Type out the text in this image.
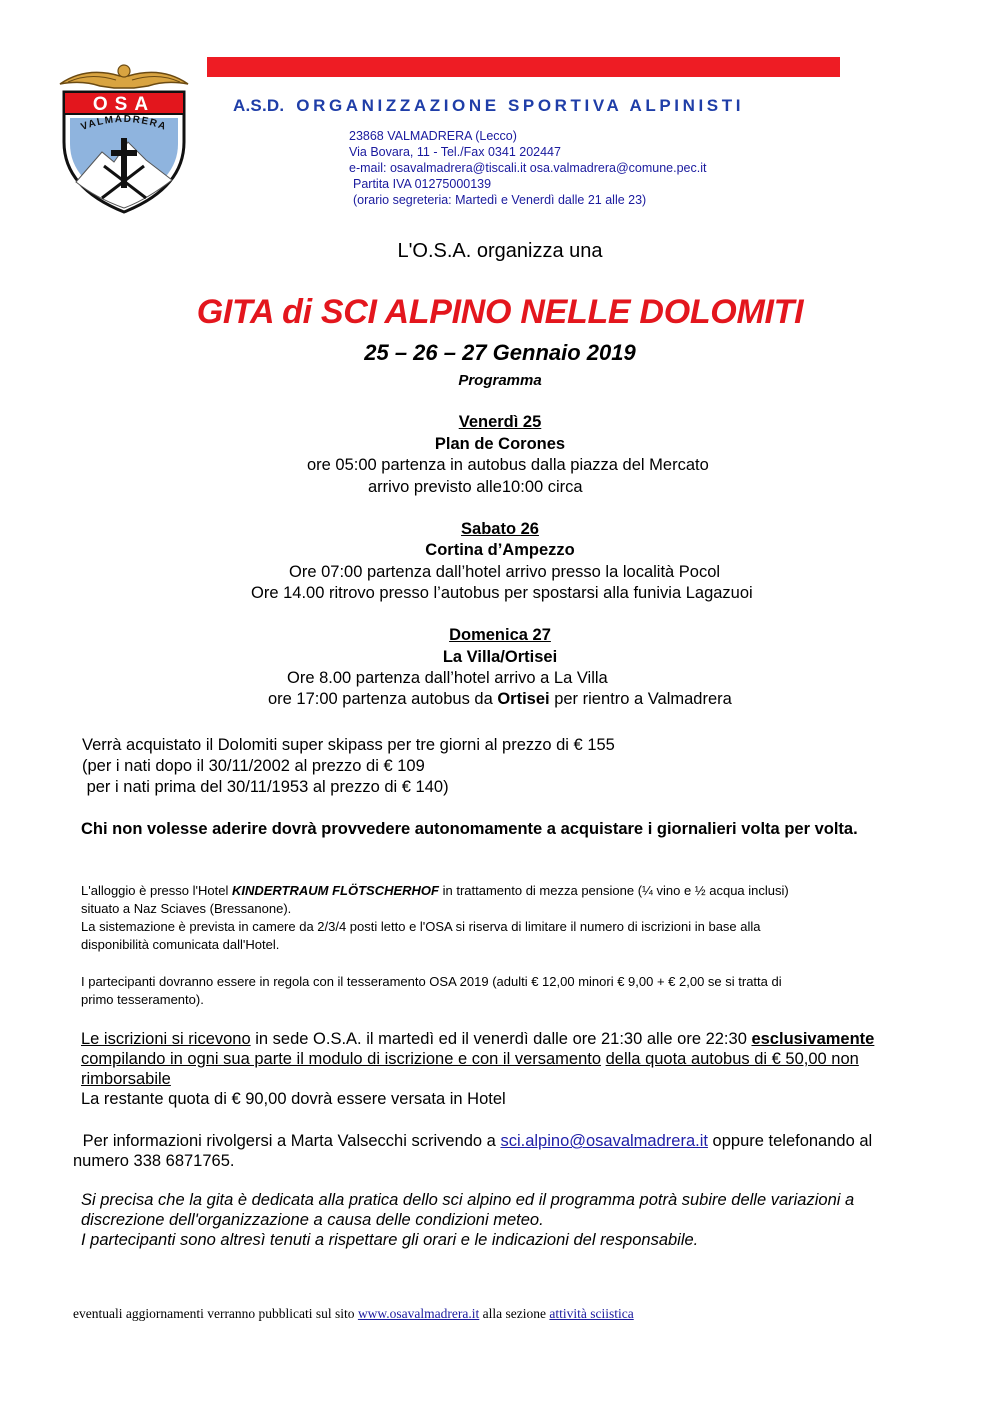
OSA
VALMADRERA
A.S.D. ORGANIZZAZIONE SPORTIVA ALPINISTI
23868 VALMADRERA (Lecco)
Via Bovara, 11 - Tel./Fax 0341 202447
e-mail: osavalmadrera@tiscali.it osa.valmadrera@comune.pec.it
Partita IVA 01275000139
(orario segreteria: Martedì e Venerdì dalle 21 alle 23)
L'O.S.A. organizza una
GITA di SCI ALPINO NELLE DOLOMITI
25 – 26 – 27 Gennaio 2019
Programma
Venerdì 25
Plan de Corones
ore 05:00 partenza in autobus dalla piazza del Mercato
arrivo previsto alle10:00 circa
Sabato 26
Cortina d’Ampezzo
Ore 07:00 partenza dall’hotel arrivo presso la località Pocol
Ore 14.00 ritrovo presso l’autobus per spostarsi alla funivia Lagazuoi
Domenica 27
La Villa/Ortisei
Ore 8.00 partenza dall’hotel arrivo a La Villa
ore 17:00 partenza autobus da Ortisei per rientro a Valmadrera
Verrà acquistato il Dolomiti super skipass per tre giorni al prezzo di € 155
(per i nati dopo il 30/11/2002 al prezzo di € 109
per i nati prima del 30/11/1953 al prezzo di € 140)
Chi non volesse aderire dovrà provvedere autonomamente a acquistare i giornalieri volta per volta.
L'alloggio è presso l'Hotel KINDERTRAUM FLÖTSCHERHOF in trattamento di mezza pensione (¼ vino e ½ acqua inclusi)
situato a Naz Sciaves (Bressanone).
La sistemazione è prevista in camere da 2/3/4 posti letto e l'OSA si riserva di limitare il numero di iscrizioni in base alla
disponibilità comunicata dall'Hotel.
I partecipanti dovranno essere in regola con il tesseramento OSA 2019 (adulti € 12,00 minori € 9,00 + € 2,00 se si tratta di
primo tesseramento).
Le iscrizioni si ricevono in sede O.S.A. il martedì ed il venerdì dalle ore 21:30 alle ore 22:30 esclusivamente
compilando in ogni sua parte il modulo di iscrizione e con il versamento della quota autobus di € 50,00 non
rimborsabile
La restante quota di € 90,00 dovrà essere versata in Hotel
Per informazioni rivolgersi a Marta Valsecchi scrivendo a sci.alpino@osavalmadrera.it oppure telefonando al
numero 338 6871765.
Si precisa che la gita è dedicata alla pratica dello sci alpino ed il programma potrà subire delle variazioni a
discrezione dell'organizzazione a causa delle condizioni meteo.
I partecipanti sono altresì tenuti a rispettare gli orari e le indicazioni del responsabile.
eventuali aggiornamenti verranno pubblicati sul sito www.osavalmadrera.it alla sezione attività sciistica
